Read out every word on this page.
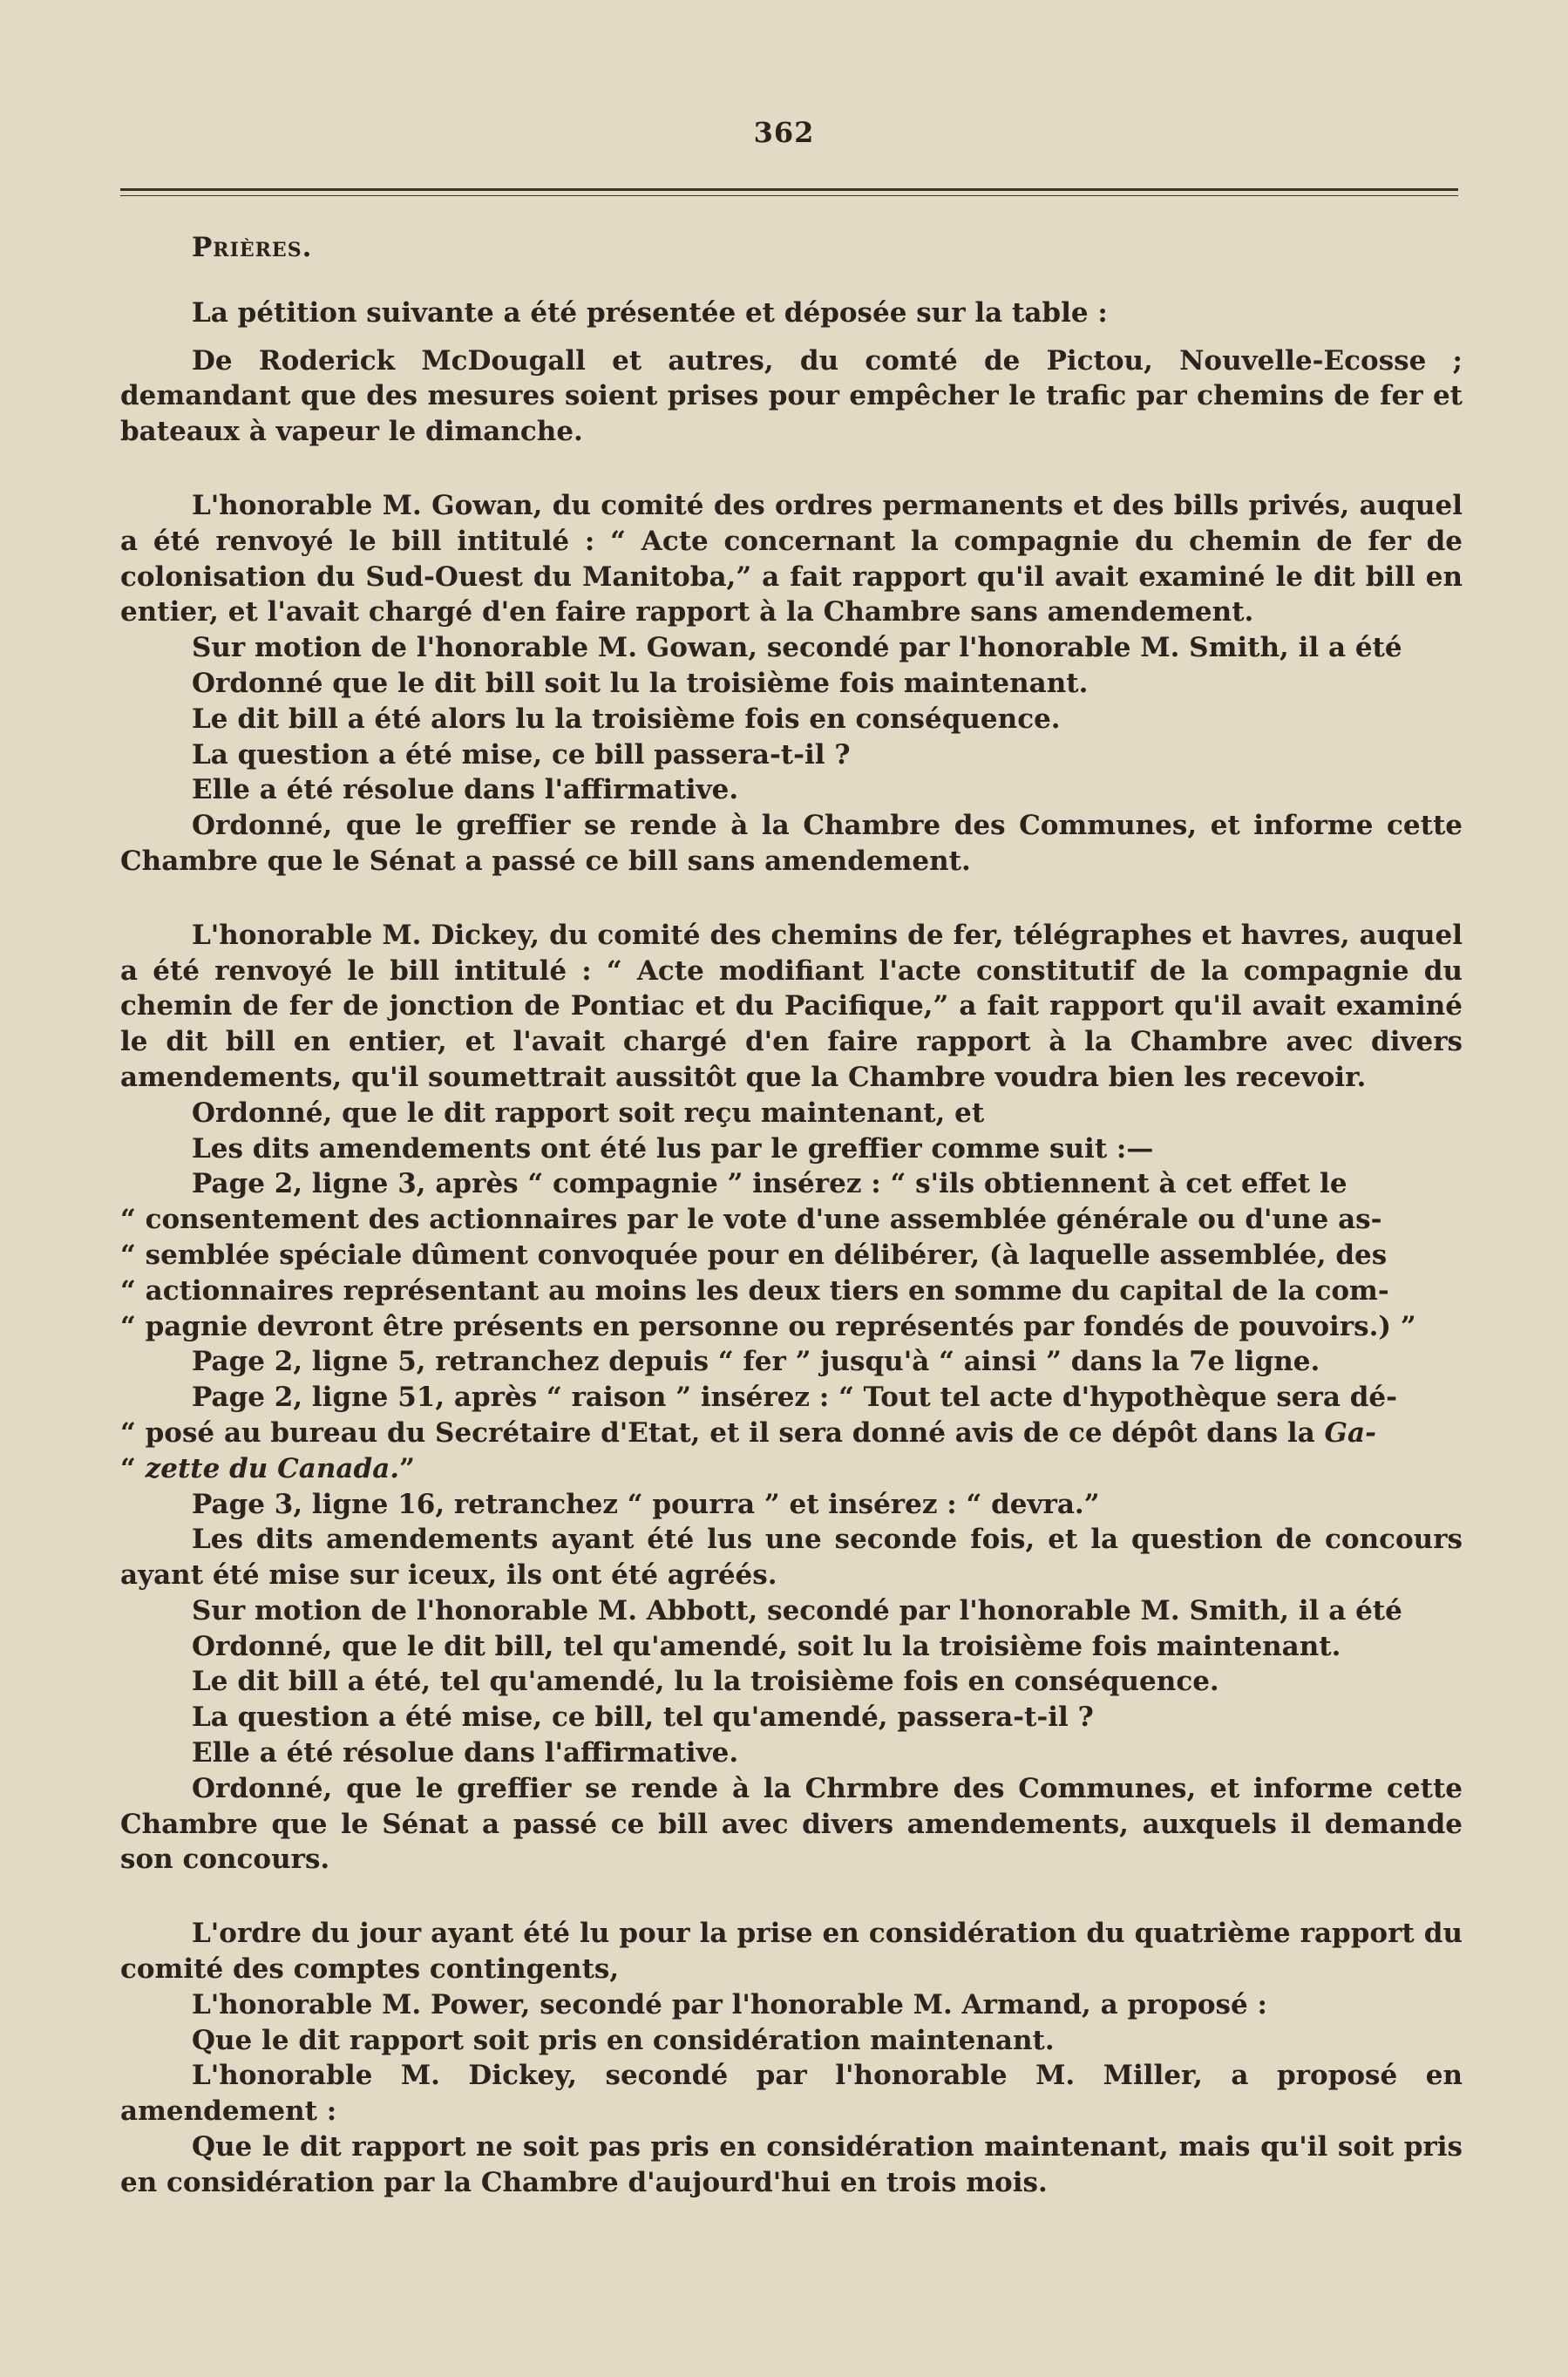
362

Prières.

La pétition suivante a été présentée et déposée sur la table :

De Roderick McDougall et autres, du comté de Pictou, Nouvelle-Ecosse ; demandant que des mesures soient prises pour empêcher le trafic par chemins de fer et bateaux à vapeur le dimanche.

L'honorable M. Gowan, du comité des ordres permanents et des bills privés, auquel a été renvoyé le bill intitulé : “ Acte concernant la compagnie du chemin de fer de colonisation du Sud-Ouest du Manitoba,” a fait rapport qu'il avait examiné le dit bill en entier, et l'avait chargé d'en faire rapport à la Chambre sans amendement.

Sur motion de l'honorable M. Gowan, secondé par l'honorable M. Smith, il a été

Ordonné que le dit bill soit lu la troisième fois maintenant.

Le dit bill a été alors lu la troisième fois en conséquence.

La question a été mise, ce bill passera-t-il ?

Elle a été résolue dans l'affirmative.

Ordonné, que le greffier se rende à la Chambre des Communes, et informe cette Chambre que le Sénat a passé ce bill sans amendement.

L'honorable M. Dickey, du comité des chemins de fer, télégraphes et havres, auquel a été renvoyé le bill intitulé : “ Acte modifiant l'acte constitutif de la compagnie du chemin de fer de jonction de Pontiac et du Pacifique,” a fait rapport qu'il avait examiné le dit bill en entier, et l'avait chargé d'en faire rapport à la Chambre avec divers amendements, qu'il soumettrait aussitôt que la Chambre voudra bien les recevoir.

Ordonné, que le dit rapport soit reçu maintenant, et

Les dits amendements ont été lus par le greffier comme suit :—

Page 2, ligne 3, après “ compagnie ” insérez : “ s'ils obtiennent à cet effet le

“ consentement des actionnaires par le vote d'une assemblée générale ou d'une as-

“ semblée spéciale dûment convoquée pour en délibérer, (à laquelle assemblée, des

“ actionnaires représentant au moins les deux tiers en somme du capital de la com-

“ pagnie devront être présents en personne ou représentés par fondés de pouvoirs.) ”

Page 2, ligne 5, retranchez depuis “ fer ” jusqu'à “ ainsi ” dans la 7e ligne.

Page 2, ligne 51, après “ raison ” insérez : “ Tout tel acte d'hypothèque sera dé-

“ posé au bureau du Secrétaire d'Etat, et il sera donné avis de ce dépôt dans la Ga-

“ zette du Canada.”

Page 3, ligne 16, retranchez “ pourra ” et insérez : “ devra.”

Les dits amendements ayant été lus une seconde fois, et la question de concours ayant été mise sur iceux, ils ont été agréés.

Sur motion de l'honorable M. Abbott, secondé par l'honorable M. Smith, il a été

Ordonné, que le dit bill, tel qu'amendé, soit lu la troisième fois maintenant.

Le dit bill a été, tel qu'amendé, lu la troisième fois en conséquence.

La question a été mise, ce bill, tel qu'amendé, passera-t-il ?

Elle a été résolue dans l'affirmative.

Ordonné, que le greffier se rende à la Chrmbre des Communes, et informe cette Chambre que le Sénat a passé ce bill avec divers amendements, auxquels il demande son concours.

L'ordre du jour ayant été lu pour la prise en considération du quatrième rapport du comité des comptes contingents,

L'honorable M. Power, secondé par l'honorable M. Armand, a proposé :

Que le dit rapport soit pris en considération maintenant.

L'honorable M. Dickey, secondé par l'honorable M. Miller, a proposé en amendement :

Que le dit rapport ne soit pas pris en considération maintenant, mais qu'il soit pris en considération par la Chambre d'aujourd'hui en trois mois.
